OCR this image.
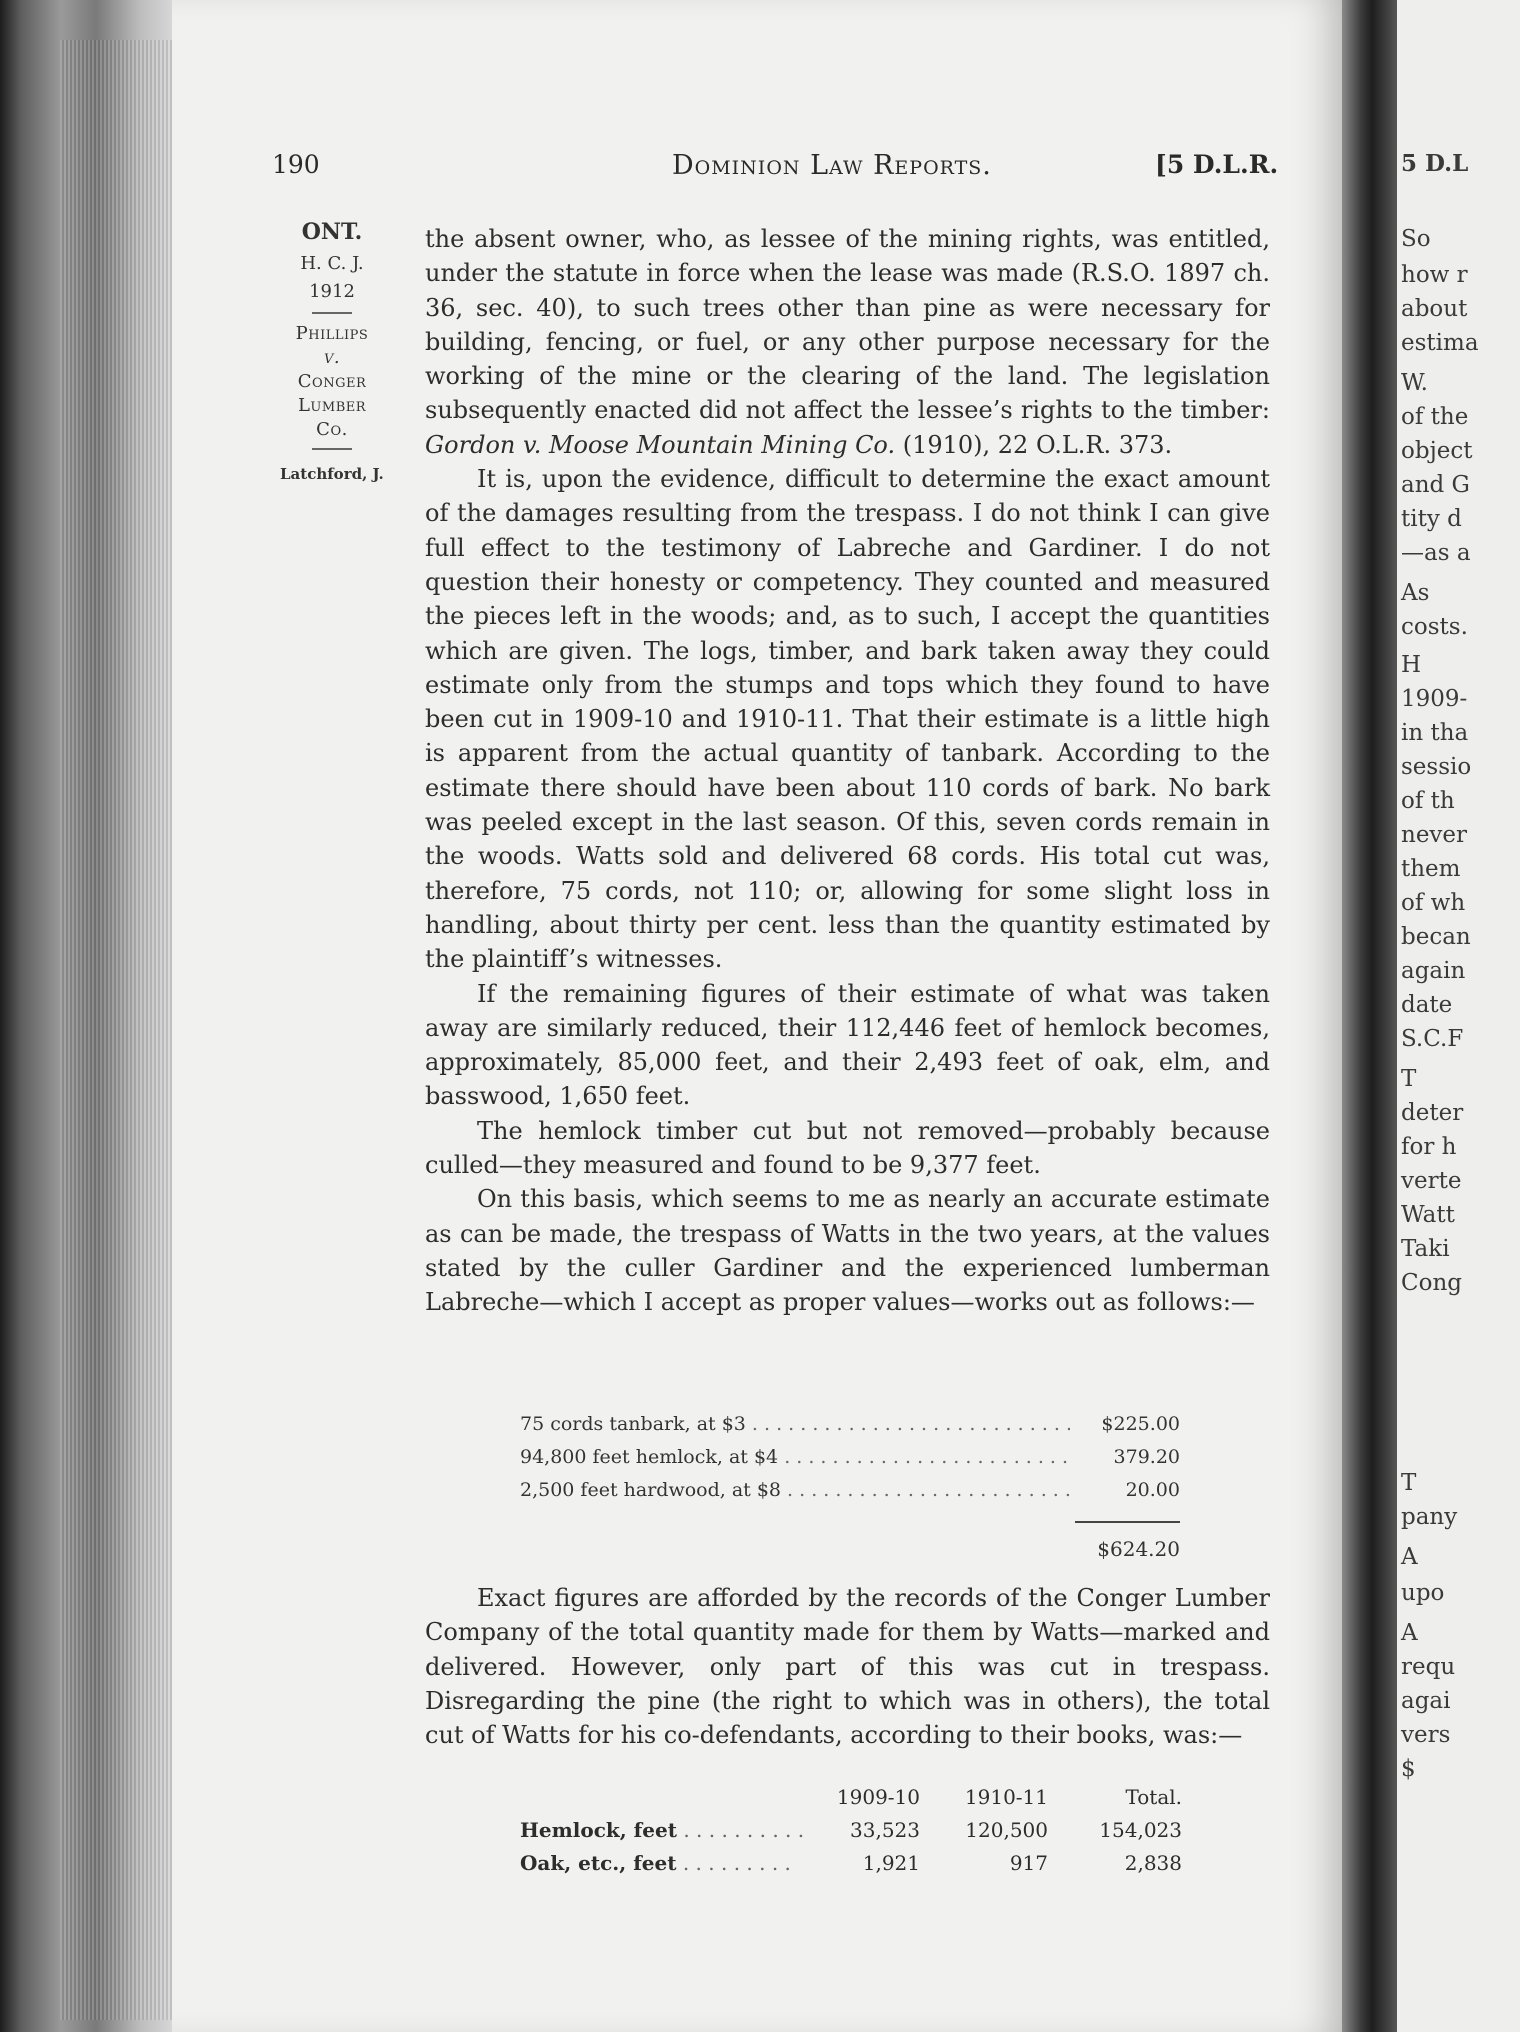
190	Dominion Law Reports.	[5 D.L.R.
ONT.
H. C. J.
1912
Phillips
v.
Conger
Lumber
Co.
Latchford, J.

the absent owner, who, as lessee of the mining rights, was entitled, under the statute in force when the lease was made (R.S.O. 1897 ch. 36, sec. 40), to such trees other than pine as were necessary for building, fencing, or fuel, or any other purpose necessary for the working of the mine or the clearing of the land. The legislation subsequently enacted did not affect the lessee’s rights to the timber: Gordon v. Moose Mountain Mining Co. (1910), 22 O.L.R. 373.

It is, upon the evidence, difficult to determine the exact amount of the damages resulting from the trespass. I do not think I can give full effect to the testimony of Labreche and Gardiner. I do not question their honesty or competency. They counted and measured the pieces left in the woods; and, as to such, I accept the quantities which are given. The logs, timber, and bark taken away they could estimate only from the stumps and tops which they found to have been cut in 1909-10 and 1910-11. That their estimate is a little high is apparent from the actual quantity of tanbark. According to the estimate there should have been about 110 cords of bark. No bark was peeled except in the last season. Of this, seven cords remain in the woods. Watts sold and delivered 68 cords. His total cut was, therefore, 75 cords, not 110; or, allowing for some slight loss in handling, about thirty per cent. less than the quantity estimated by the plaintiff’s witnesses.

If the remaining figures of their estimate of what was taken away are similarly reduced, their 112,446 feet of hemlock becomes, approximately, 85,000 feet, and their 2,493 feet of oak, elm, and basswood, 1,650 feet.

The hemlock timber cut but not removed—probably because culled—they measured and found to be 9,377 feet.

On this basis, which seems to me as nearly an accurate estimate as can be made, the trespass of Watts in the two years, at the values stated by the culler Gardiner and the experienced lumberman Labreche—which I accept as proper values—works out as follows:—

75 cords tanbark, at $3 . . .	$225.00
94,800 feet hemlock, at $4 . . .	379.20
2,500 feet hardwood, at $8 . . .	20.00
$624.20

Exact figures are afforded by the records of the Conger Lumber Company of the total quantity made for them by Watts—marked and delivered. However, only part of this was cut in trespass. Disregarding the pine (the right to which was in others), the total cut of Watts for his co-defendants, according to their books, was:—

	1909-10	1910-11	Total.
Hemlock, feet . . . . . . . . . .	33,523	120,500	154,023
Oak, etc., feet . . . . . . . . .	1,921	917	2,838
5 D.L
So
how r
about
estima
W.
of the
object
and G
tity d
—as a
As
costs.
H
1909-
in tha
sessio
of th
never
them
of wh
becan
again
date
S.C.F
T
deter
for h
verte
Watt
Taki
Cong
T
pany
A
upo
A
requ
agai
vers
$
